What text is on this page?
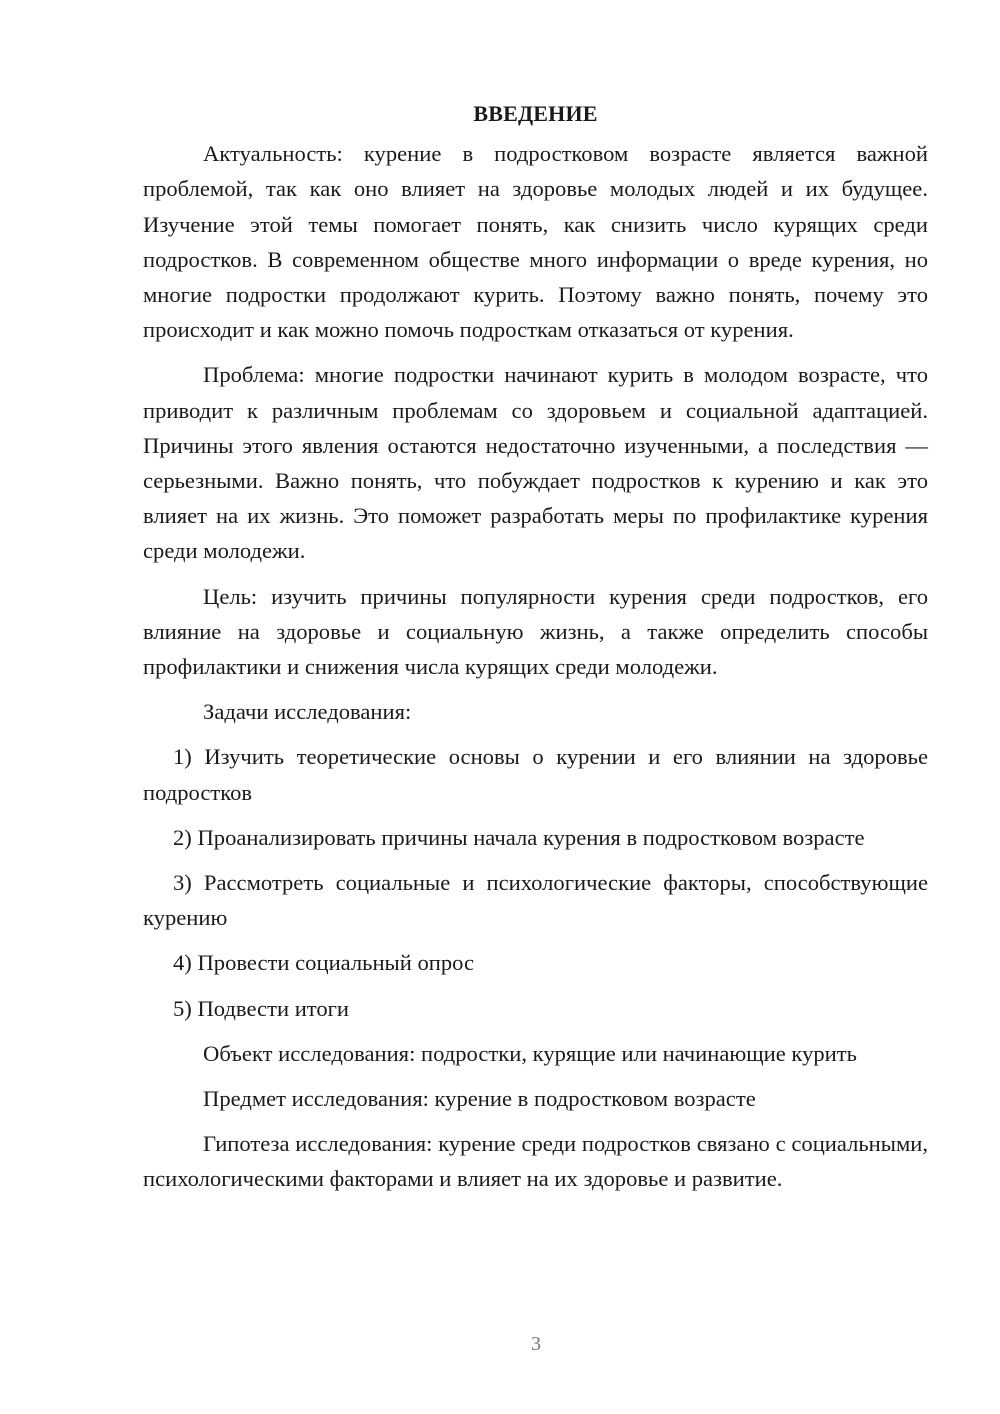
ВВЕДЕНИЕ

Актуальность: курение в подростковом возрасте является важной проблемой, так как оно влияет на здоровье молодых людей и их будущее. Изучение этой темы помогает понять, как снизить число курящих среди подростков. В современном обществе много информации о вреде курения, но многие подростки продолжают курить. Поэтому важно понять, почему это происходит и как можно помочь подросткам отказаться от курения.

Проблема: многие подростки начинают курить в молодом возрасте, что приводит к различным проблемам со здоровьем и социальной адаптацией. Причины этого явления остаются недостаточно изученными, а последствия — серьезными. Важно понять, что побуждает подростков к курению и как это влияет на их жизнь. Это поможет разработать меры по профилактике курения среди молодежи.

Цель: изучить причины популярности курения среди подростков, его влияние на здоровье и социальную жизнь, а также определить способы профилактики и снижения числа курящих среди молодежи.

Задачи исследования:

1) Изучить теоретические основы о курении и его влиянии на здоровье подростков

2) Проанализировать причины начала курения в подростковом возрасте

3) Рассмотреть социальные и психологические факторы, способствующие курению

4) Провести социальный опрос

5) Подвести итоги

Объект исследования: подростки, курящие или начинающие курить

Предмет исследования: курение в подростковом возрасте

Гипотеза исследования: курение среди подростков связано с социальными, психологическими факторами и влияет на их здоровье и развитие.

3
